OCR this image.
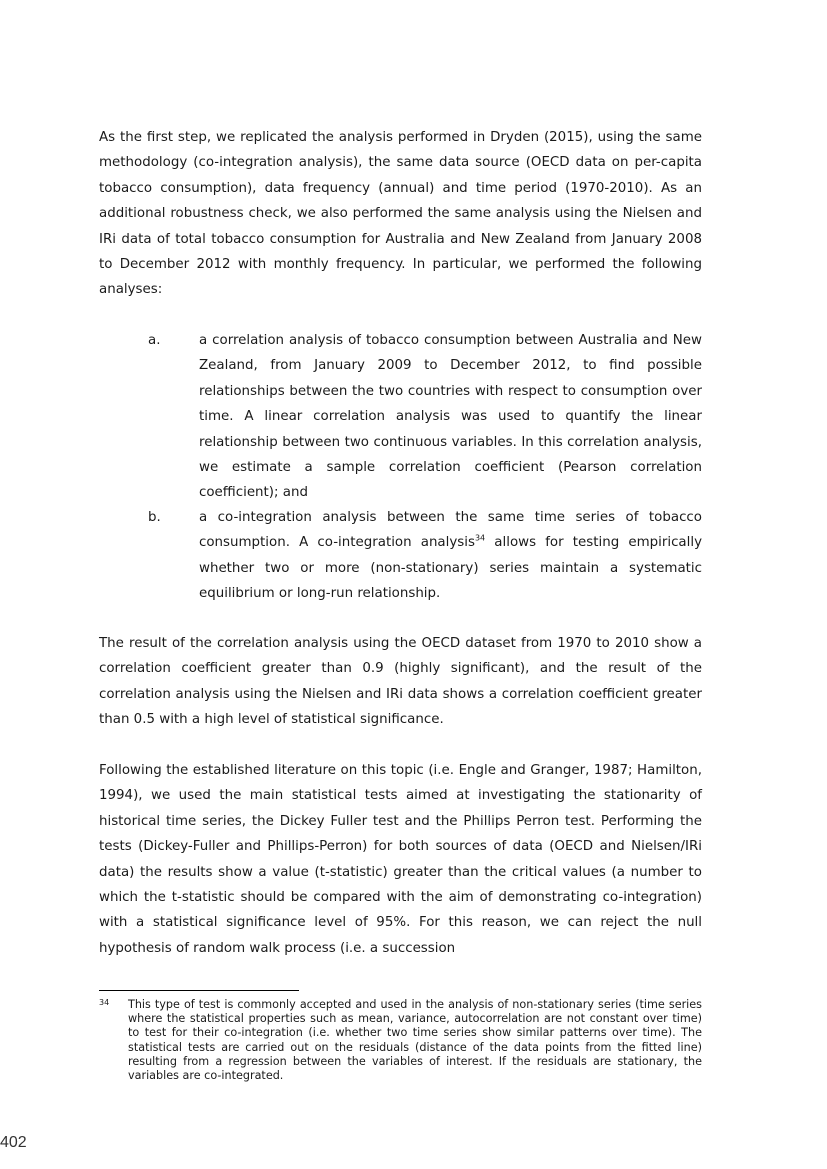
As the first step, we replicated the analysis performed in Dryden (2015), using the same methodology (co-integration analysis), the same data source (OECD data on per-capita tobacco consumption), data frequency (annual) and time period (1970-2010). As an additional robustness check, we also performed the same analysis using the Nielsen and IRi data of total tobacco consumption for Australia and New Zealand from January 2008 to December 2012 with monthly frequency. In particular, we performed the following analyses:

a.	a correlation analysis of tobacco consumption between Australia and New Zealand, from January 2009 to December 2012, to find possible relationships between the two countries with respect to consumption over time. A linear correlation analysis was used to quantify the linear relationship between two continuous variables. In this correlation analysis, we estimate a sample correlation coefficient (Pearson correlation coefficient); and
b.	a co-integration analysis between the same time series of tobacco consumption. A co-integration analysis$^{34}$ allows for testing empirically whether two or more (non-stationary) series maintain a systematic equilibrium or long-run relationship.

The result of the correlation analysis using the OECD dataset from 1970 to 2010 show a correlation coefficient greater than 0.9 (highly significant), and the result of the correlation analysis using the Nielsen and IRi data shows a correlation coefficient greater than 0.5 with a high level of statistical significance.

Following the established literature on this topic (i.e. Engle and Granger, 1987; Hamilton, 1994), we used the main statistical tests aimed at investigating the stationarity of historical time series, the Dickey Fuller test and the Phillips Perron test. Performing the tests (Dickey-Fuller and Phillips-Perron) for both sources of data (OECD and Nielsen/IRi data) the results show a value (t-statistic) greater than the critical values (a number to which the t-statistic should be compared with the aim of demonstrating co-integration) with a statistical significance level of 95%. For this reason, we can reject the null hypothesis of random walk process (i.e. a succession

34 This type of test is commonly accepted and used in the analysis of non-stationary series (time series where the statistical properties such as mean, variance, autocorrelation are not constant over time) to test for their co-integration (i.e. whether two time series show similar patterns over time). The statistical tests are carried out on the residuals (distance of the data points from the fitted line) resulting from a regression between the variables of interest. If the residuals are stationary, the variables are co-integrated.
402
